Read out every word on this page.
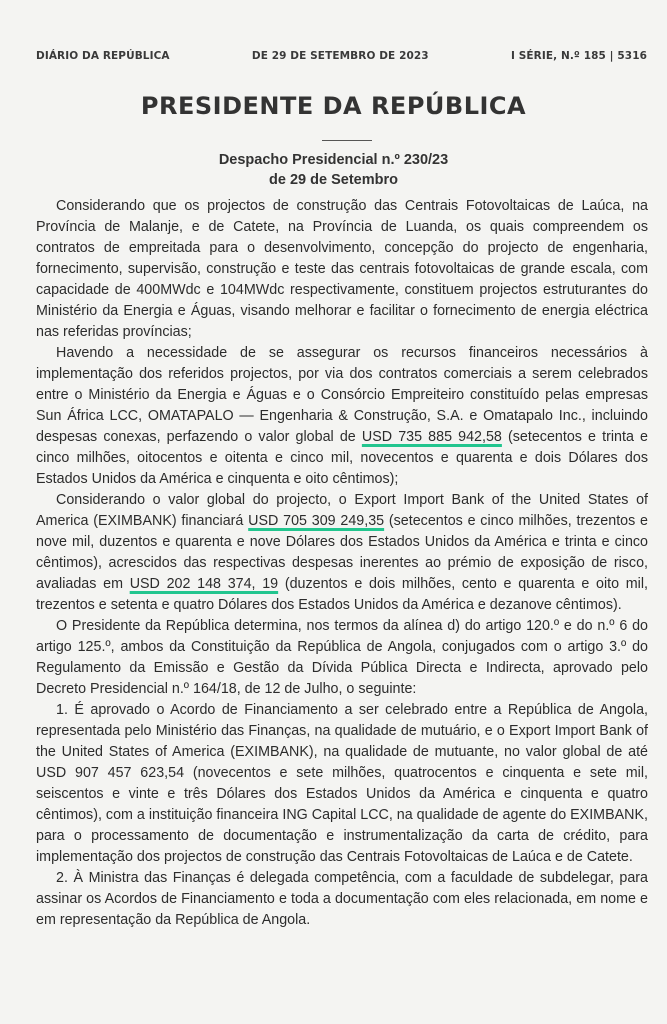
DIÁRIO DA REPÚBLICA	DE 29 DE SETEMBRO DE 2023	I SÉRIE, N.º 185 | 5316
PRESIDENTE DA REPÚBLICA
Despacho Presidencial n.º 230/23
de 29 de Setembro

Considerando que os projectos de construção das Centrais Fotovoltaicas de Laúca, na Província de Malanje, e de Catete, na Província de Luanda, os quais compreendem os contratos de empreitada para o desenvolvimento, concepção do projecto de engenharia, fornecimento, supervisão, construção e teste das centrais fotovoltaicas de grande escala, com capacidade de 400MWdc e 104MWdc respectivamente, constituem projectos estruturantes do Ministério da Energia e Águas, visando melhorar e facilitar o fornecimento de energia eléctrica nas referidas províncias;

Havendo a necessidade de se assegurar os recursos financeiros necessários à implementação dos referidos projectos, por via dos contratos comerciais a serem celebrados entre o Ministério da Energia e Águas e o Consórcio Empreiteiro constituído pelas empresas Sun África LCC, OMATAPALO — Engenharia & Construção, S.A. e Omatapalo Inc., incluindo despesas conexas, perfazendo o valor global de USD 735 885 942,58 (setecentos e trinta e cinco milhões, oitocentos e oitenta e cinco mil, novecentos e quarenta e dois Dólares dos Estados Unidos da América e cinquenta e oito cêntimos);

Considerando o valor global do projecto, o Export Import Bank of the United States of America (EXIMBANK) financiará USD 705 309 249,35 (setecentos e cinco milhões, trezentos e nove mil, duzentos e quarenta e nove Dólares dos Estados Unidos da América e trinta e cinco cêntimos), acrescidos das respectivas despesas inerentes ao prémio de exposição de risco, avaliadas em USD 202 148 374, 19 (duzentos e dois milhões, cento e quarenta e oito mil, trezentos e setenta e quatro Dólares dos Estados Unidos da América e dezanove cêntimos).

O Presidente da República determina, nos termos da alínea d) do artigo 120.º e do n.º 6 do artigo 125.º, ambos da Constituição da República de Angola, conjugados com o artigo 3.º do Regulamento da Emissão e Gestão da Dívida Pública Directa e Indirecta, aprovado pelo Decreto Presidencial n.º 164/18, de 12 de Julho, o seguinte:

1. É aprovado o Acordo de Financiamento a ser celebrado entre a República de Angola, representada pelo Ministério das Finanças, na qualidade de mutuário, e o Export Import Bank of the United States of America (EXIMBANK), na qualidade de mutuante, no valor global de até USD 907 457 623,54 (novecentos e sete milhões, quatrocentos e cinquenta e sete mil, seiscentos e vinte e três Dólares dos Estados Unidos da América e cinquenta e quatro cêntimos), com a instituição financeira ING Capital LCC, na qualidade de agente do EXIMBANK, para o processamento de documentação e instrumentalização da carta de crédito, para implementação dos projectos de construção das Centrais Fotovoltaicas de Laúca e de Catete.

2. À Ministra das Finanças é delegada competência, com a faculdade de subdelegar, para assinar os Acordos de Financiamento e toda a documentação com eles relacionada, em nome e em representação da República de Angola.
